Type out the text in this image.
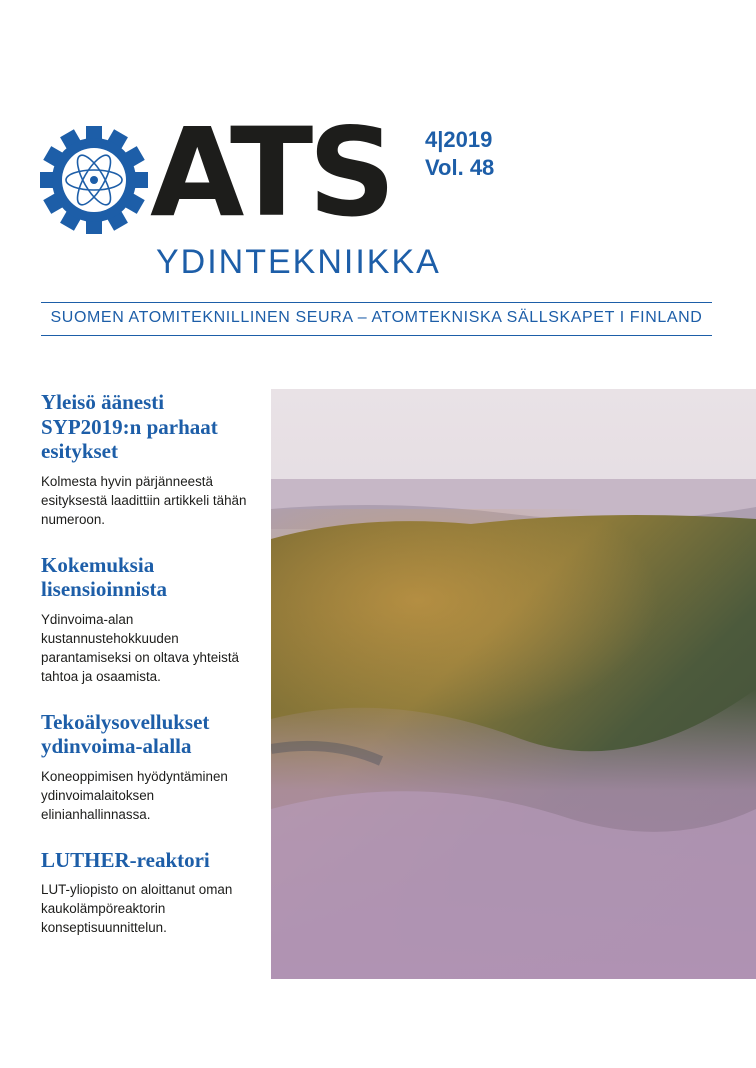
ATS
YDINTEKNIIKKA
4|2019
Vol. 48
SUOMEN ATOMITEKNILLINEN SEURA – ATOMTEKNISKA SÄLLSKAPET I FINLAND
Yleisö äänesti SYP2019:n parhaat esitykset

Kolmesta hyvin pärjänneestä esityksestä laadittiin artikkeli tähän numeroon.

Kokemuksia lisensioinnista

Ydinvoima-alan kustannustehokkuuden parantamiseksi on oltava yhteistä tahtoa ja osaamista.

Tekoälysovellukset ydinvoima-alalla

Koneoppimisen hyödyntäminen ydinvoimalaitoksen elinianhallinnassa.

LUTHER-reaktori

LUT-yliopisto on aloittanut oman kaukolämpöreaktorin konseptisuunnittelun.
